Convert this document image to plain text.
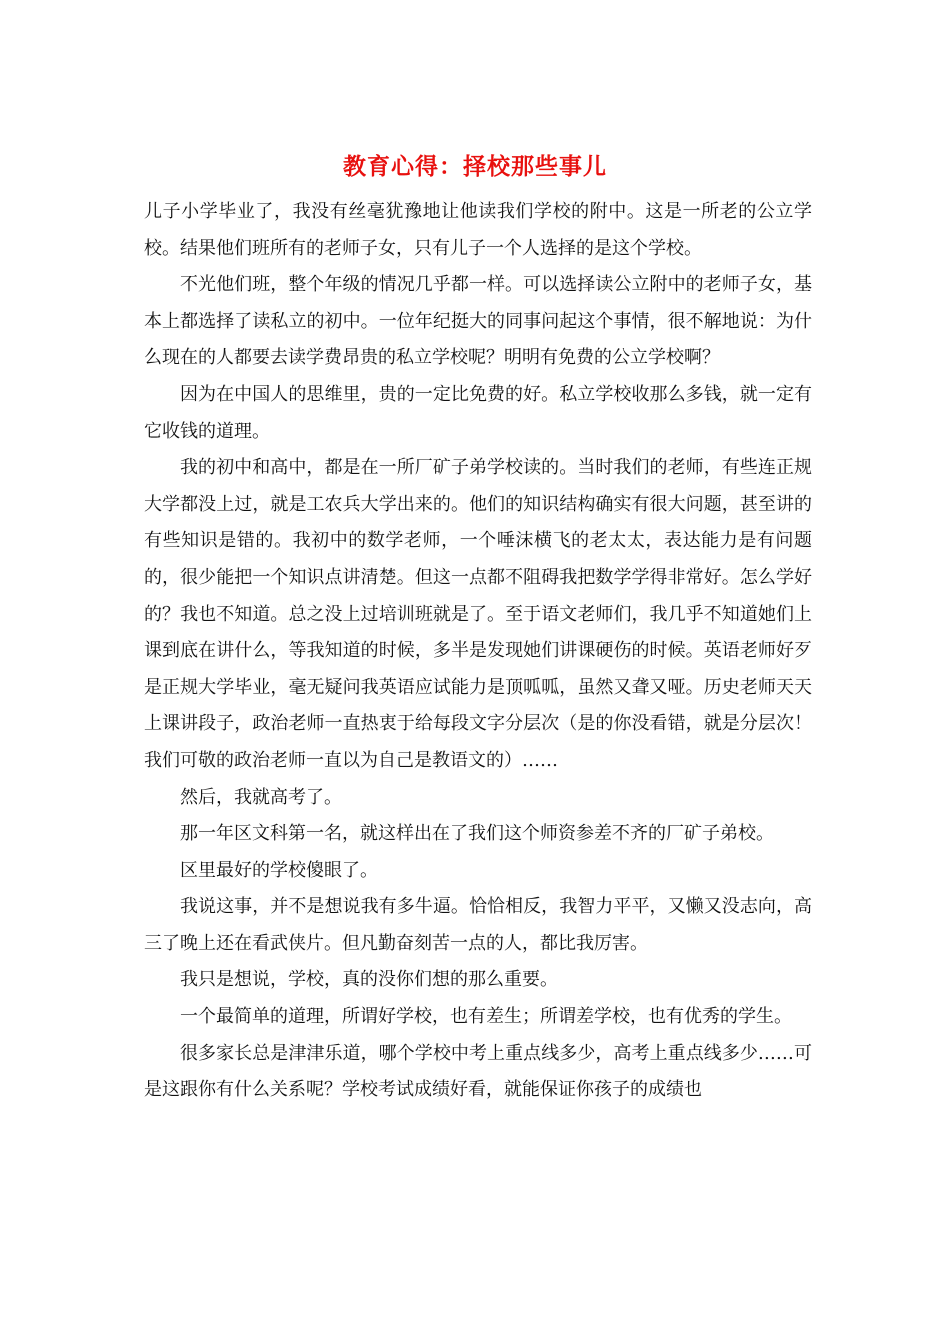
教育心得：择校那些事儿

儿子小学毕业了，我没有丝毫犹豫地让他读我们学校的附中。这是一所老的公立学校。结果他们班所有的老师子女，只有儿子一个人选择的是这个学校。

不光他们班，整个年级的情况几乎都一样。可以选择读公立附中的老师子女，基本上都选择了读私立的初中。一位年纪挺大的同事问起这个事情，很不解地说：为什么现在的人都要去读学费昂贵的私立学校呢？明明有免费的公立学校啊？

因为在中国人的思维里，贵的一定比免费的好。私立学校收那么多钱，就一定有它收钱的道理。

我的初中和高中，都是在一所厂矿子弟学校读的。当时我们的老师，有些连正规大学都没上过，就是工农兵大学出来的。他们的知识结构确实有很大问题，甚至讲的有些知识是错的。我初中的数学老师，一个唾沫横飞的老太太，表达能力是有问题的，很少能把一个知识点讲清楚。但这一点都不阻碍我把数学学得非常好。怎么学好的？我也不知道。总之没上过培训班就是了。至于语文老师们，我几乎不知道她们上课到底在讲什么，等我知道的时候，多半是发现她们讲课硬伤的时候。英语老师好歹是正规大学毕业，毫无疑问我英语应试能力是顶呱呱，虽然又聋又哑。历史老师天天上课讲段子，政治老师一直热衷于给每段文字分层次（是的你没看错，就是分层次！我们可敬的政治老师一直以为自己是教语文的）……

然后，我就高考了。

那一年区文科第一名，就这样出在了我们这个师资参差不齐的厂矿子弟校。

区里最好的学校傻眼了。

我说这事，并不是想说我有多牛逼。恰恰相反，我智力平平，又懒又没志向，高三了晚上还在看武侠片。但凡勤奋刻苦一点的人，都比我厉害。

我只是想说，学校，真的没你们想的那么重要。

一个最简单的道理，所谓好学校，也有差生；所谓差学校，也有优秀的学生。

很多家长总是津津乐道，哪个学校中考上重点线多少，高考上重点线多少……可是这跟你有什么关系呢？学校考试成绩好看，就能保证你孩子的成绩也
